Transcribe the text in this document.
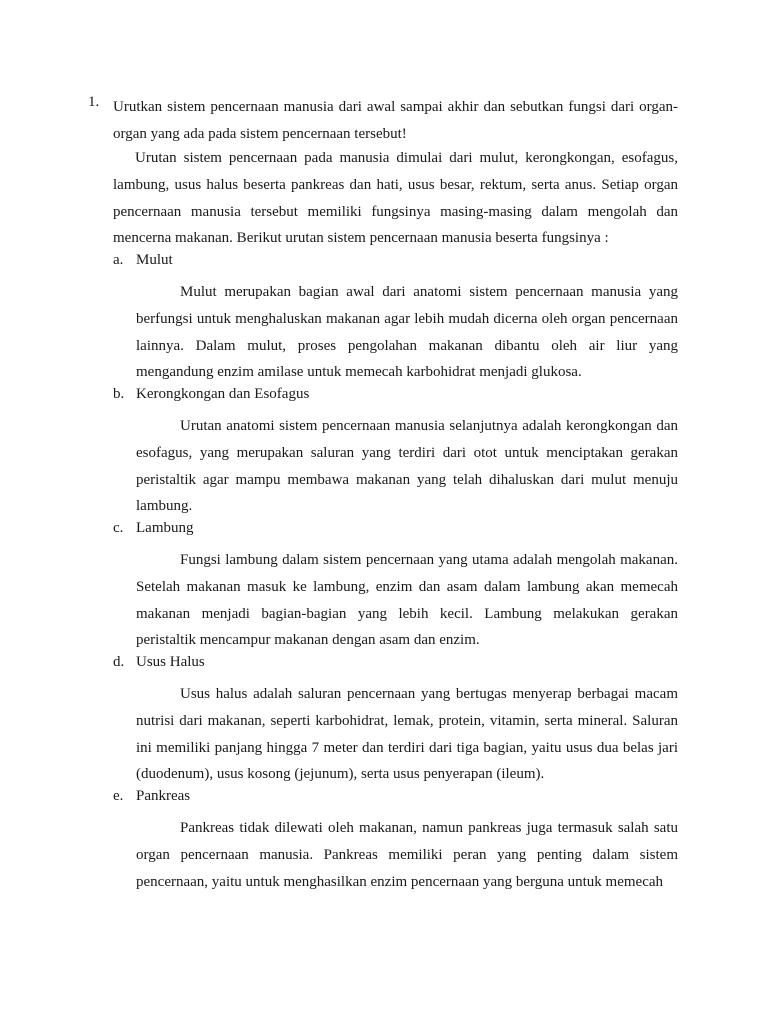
1. Urutkan sistem pencernaan manusia dari awal sampai akhir dan sebutkan fungsi dari organ-organ yang ada pada sistem pencernaan tersebut!

Urutan sistem pencernaan pada manusia dimulai dari mulut, kerongkongan, esofagus, lambung, usus halus beserta pankreas dan hati, usus besar, rektum, serta anus. Setiap organ pencernaan manusia tersebut memiliki fungsinya masing-masing dalam mengolah dan mencerna makanan. Berikut urutan sistem pencernaan manusia beserta fungsinya :

a. Mulut

Mulut merupakan bagian awal dari anatomi sistem pencernaan manusia yang berfungsi untuk menghaluskan makanan agar lebih mudah dicerna oleh organ pencernaan lainnya. Dalam mulut, proses pengolahan makanan dibantu oleh air liur yang mengandung enzim amilase untuk memecah karbohidrat menjadi glukosa.

b. Kerongkongan dan Esofagus

Urutan anatomi sistem pencernaan manusia selanjutnya adalah kerongkongan dan esofagus, yang merupakan saluran yang terdiri dari otot untuk menciptakan gerakan peristaltik agar mampu membawa makanan yang telah dihaluskan dari mulut menuju lambung.

c. Lambung

Fungsi lambung dalam sistem pencernaan yang utama adalah mengolah makanan. Setelah makanan masuk ke lambung, enzim dan asam dalam lambung akan memecah makanan menjadi bagian-bagian yang lebih kecil. Lambung melakukan gerakan peristaltik mencampur makanan dengan asam dan enzim.

d. Usus Halus

Usus halus adalah saluran pencernaan yang bertugas menyerap berbagai macam nutrisi dari makanan, seperti karbohidrat, lemak, protein, vitamin, serta mineral. Saluran ini memiliki panjang hingga 7 meter dan terdiri dari tiga bagian, yaitu usus dua belas jari (duodenum), usus kosong (jejunum), serta usus penyerapan (ileum).

e. Pankreas

Pankreas tidak dilewati oleh makanan, namun pankreas juga termasuk salah satu organ pencernaan manusia. Pankreas memiliki peran yang penting dalam sistem pencernaan, yaitu untuk menghasilkan enzim pencernaan yang berguna untuk memecah
